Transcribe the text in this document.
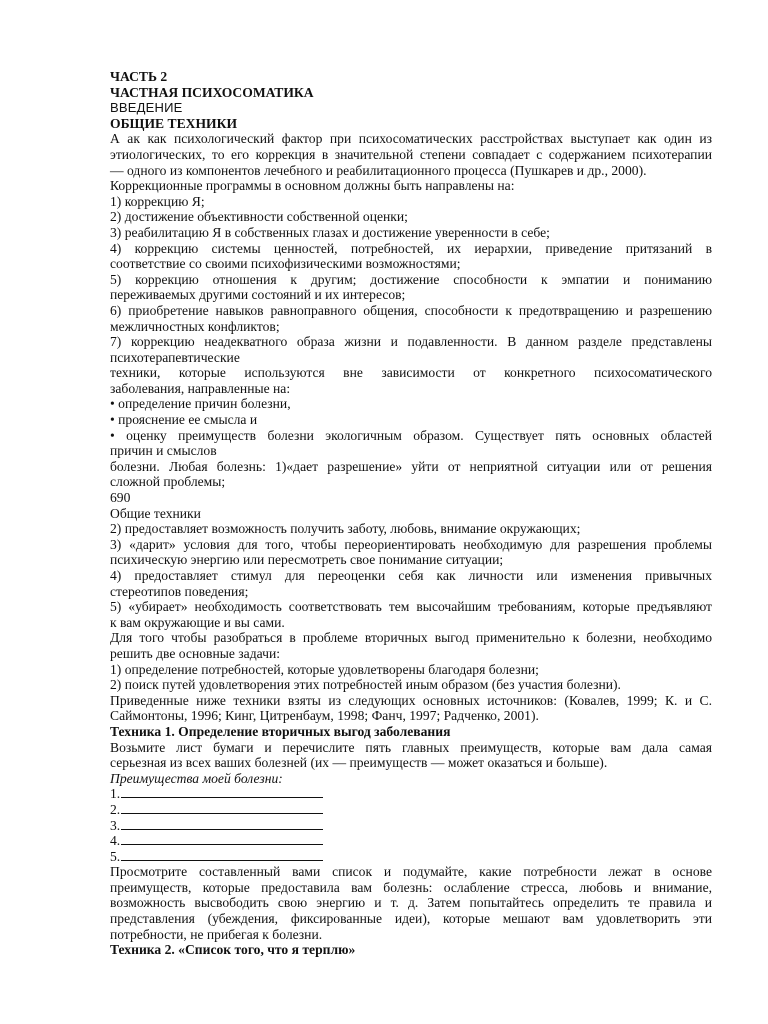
ЧАСТЬ 2
ЧАСТНАЯ ПСИХОСОМАТИКА
ВВЕДЕНИЕ
ОБЩИЕ ТЕХНИКИ
А ак как психологический фактор при психосоматических расстройствах выступает как один из
этиологических, то его коррекция в значительной степени совпадает с содержанием психотерапии
— одного из компонентов лечебного и реабилитационного процесса (Пушкарев и др., 2000).
Коррекционные программы в основном должны быть направлены на:
1) коррекцию Я;
2) достижение объективности собственной оценки;
3) реабилитацию Я в собственных глазах и достижение уверенности в себе;
4) коррекцию системы ценностей, потребностей, их иерархии, приведение притязаний в
соответствие со своими психофизическими возможностями;
5) коррекцию отношения к другим; достижение способности к эмпатии и пониманию
переживаемых другими состояний и их интересов;
6) приобретение навыков равноправного общения, способности к предотвращению и разрешению
межличностных конфликтов;
7) коррекцию неадекватного образа жизни и подавленности. В данном разделе представлены
психотерапевтические
техники, которые используются вне зависимости от конкретного психосоматического
заболевания, направленные на:
• определение причин болезни,
• прояснение ее смысла и
• оценку преимуществ болезни экологичным образом. Существует пять основных областей
причин и смыслов
болезни. Любая болезнь: 1)«дает разрешение» уйти от неприятной ситуации или от решения
сложной проблемы;
690
Общие техники
2) предоставляет возможность получить заботу, любовь, внимание окружающих;
3) «дарит» условия для того, чтобы переориентировать необходимую для разрешения проблемы
психическую энергию или пересмотреть свое понимание ситуации;
4) предоставляет стимул для переоценки себя как личности или изменения привычных
стереотипов поведения;
5) «убирает» необходимость соответствовать тем высочайшим требованиям, которые предъявляют
к вам окружающие и вы сами.
Для того чтобы разобраться в проблеме вторичных выгод применительно к болезни, необходимо
решить две основные задачи:
1) определение потребностей, которые удовлетворены благодаря болезни;
2) поиск путей удовлетворения этих потребностей иным образом (без участия болезни).
Приведенные ниже техники взяты из следующих основных источников: (Ковалев, 1999; К. и С.
Саймонтоны, 1996; Кинг, Цитренбаум, 1998; Фанч, 1997; Радченко, 2001).
Техника 1. Определение вторичных выгод заболевания
Возьмите лист бумаги и перечислите пять главных преимуществ, которые вам дала самая
серьезная из всех ваших болезней (их — преимуществ — может оказаться и больше).
Преимущества моей болезни:
1.
2.
3.
4.
5.
Просмотрите составленный вами список и подумайте, какие потребности лежат в основе
преимуществ, которые предоставила вам болезнь: ослабление стресса, любовь и внимание,
возможность высвободить свою энергию и т. д. Затем попытайтесь определить те правила и
представления (убеждения, фиксированные идеи), которые мешают вам удовлетворить эти
потребности, не прибегая к болезни.
Техника 2. «Список того, что я терплю»
